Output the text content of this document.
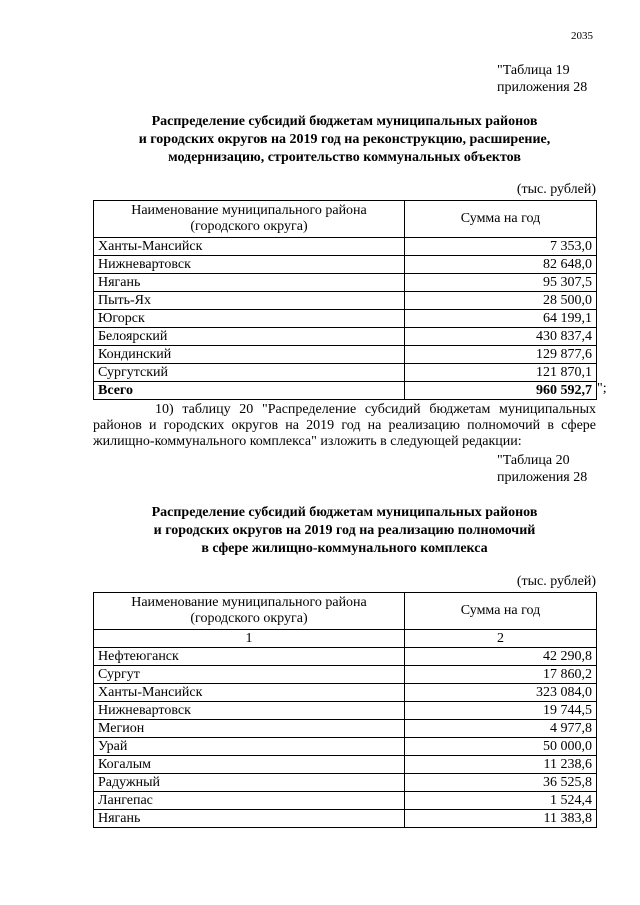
2035
"Таблица 19
приложения 28
Распределение субсидий бюджетам муниципальных районов
и городских округов на 2019 год на реконструкцию, расширение,
модернизацию, строительство коммунальных объектов
(тыс. рублей)
Наименование муниципального района (городского округа)	Сумма на год
Ханты-Мансийск	7 353,0
Нижневартовск	82 648,0
Нягань	95 307,5
Пыть-Ях	28 500,0
Югорск	64 199,1
Белоярский	430 837,4
Кондинский	129 877,6
Сургутский	121 870,1
Всего	960 592,7 ";
10) таблицу 20 "Распределение субсидий бюджетам муниципальных районов и городских округов на 2019 год на реализацию полномочий в сфере жилищно-коммунального комплекса" изложить в следующей редакции:
"Таблица 20
приложения 28
Распределение субсидий бюджетам муниципальных районов
и городских округов на 2019 год на реализацию полномочий
в сфере жилищно-коммунального комплекса
(тыс. рублей)
Наименование муниципального района (городского округа)	Сумма на год
1	2
Нефтеюганск	42 290,8
Сургут	17 860,2
Ханты-Мансийск	323 084,0
Нижневартовск	19 744,5
Мегион	4 977,8
Урай	50 000,0
Когалым	11 238,6
Радужный	36 525,8
Лангепас	1 524,4
Нягань	11 383,8
